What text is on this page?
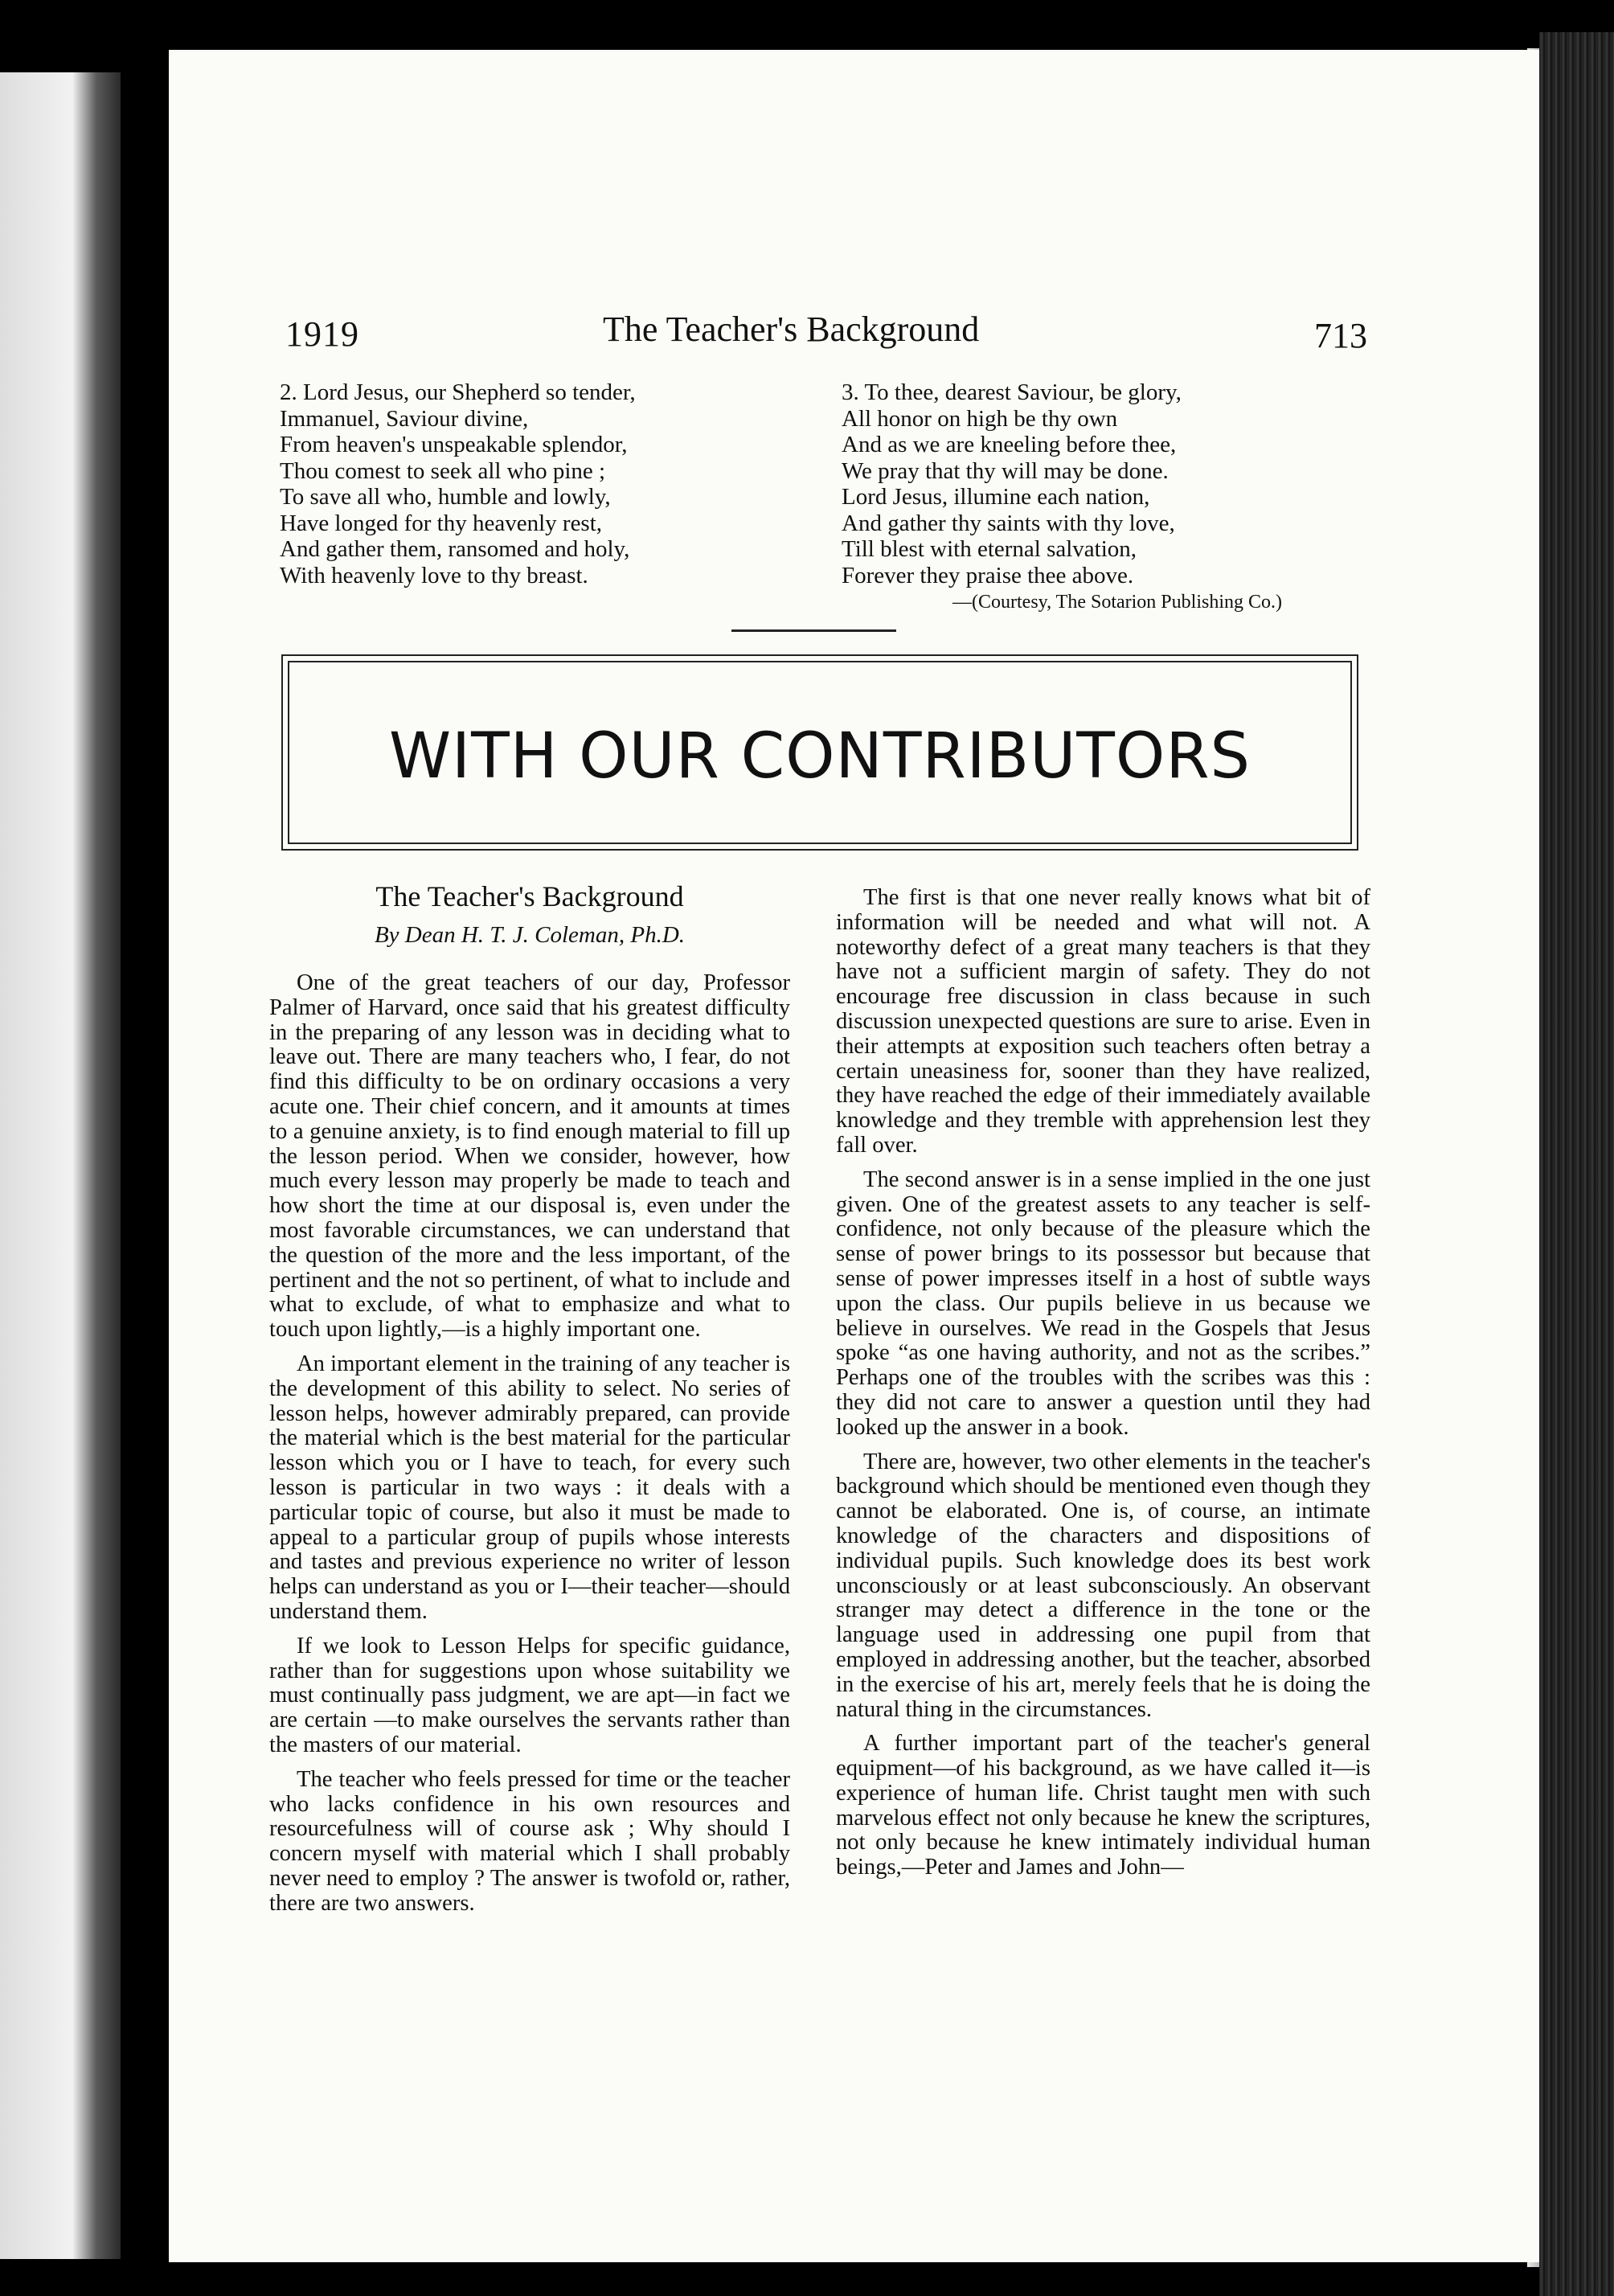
1919	The Teacher's Background	713
2. Lord Jesus, our Shepherd so tender,
Immanuel, Saviour divine,
From heaven's unspeakable splendor,
Thou comest to seek all who pine ;
To save all who, humble and lowly,
Have longed for thy heavenly rest,
And gather them, ransomed and holy,
With heavenly love to thy breast.
3. To thee, dearest Saviour, be glory,
All honor on high be thy own
And as we are kneeling before thee,
We pray that thy will may be done.
Lord Jesus, illumine each nation,
And gather thy saints with thy love,
Till blest with eternal salvation,
Forever they praise thee above.
—(Courtesy, The Sotarion Publishing Co.)
WITH OUR CONTRIBUTORS
The Teacher's Background
By Dean H. T. J. Coleman, Ph.D.

One of the great teachers of our day, Professor Palmer of Harvard, once said that his greatest difficulty in the preparing of any lesson was in deciding what to leave out. There are many teachers who, I fear, do not find this difficulty to be on ordinary occasions a very acute one. Their chief concern, and it amounts at times to a genuine anxiety, is to find enough material to fill up the lesson period. When we consider, however, how much every lesson may properly be made to teach and how short the time at our disposal is, even under the most favorable circumstances, we can understand that the question of the more and the less important, of the pertinent and the not so pertinent, of what to include and what to exclude, of what to emphasize and what to touch upon lightly,—is a highly important one.

An important element in the training of any teacher is the development of this ability to select. No series of lesson helps, however admirably prepared, can provide the material which is the best material for the particular lesson which you or I have to teach, for every such lesson is particular in two ways : it deals with a particular topic of course, but also it must be made to appeal to a particular group of pupils whose interests and tastes and previous experience no writer of lesson helps can understand as you or I—their teacher—should understand them.

If we look to Lesson Helps for specific guidance, rather than for suggestions upon whose suitability we must continually pass judgment, we are apt—in fact we are certain —to make ourselves the servants rather than the masters of our material.

The teacher who feels pressed for time or the teacher who lacks confidence in his own resources and resourcefulness will of course ask ; Why should I concern myself with material which I shall probably never need to employ ? The answer is twofold or, rather, there are two answers.

The first is that one never really knows what bit of information will be needed and what will not. A noteworthy defect of a great many teachers is that they have not a sufficient margin of safety. They do not encourage free discussion in class because in such discussion unexpected questions are sure to arise. Even in their attempts at exposition such teachers often betray a certain uneasiness for, sooner than they have realized, they have reached the edge of their immediately available knowledge and they tremble with apprehension lest they fall over.

The second answer is in a sense implied in the one just given. One of the greatest assets to any teacher is self-confidence, not only because of the pleasure which the sense of power brings to its possessor but because that sense of power impresses itself in a host of subtle ways upon the class. Our pupils believe in us because we believe in ourselves. We read in the Gospels that Jesus spoke “as one having authority, and not as the scribes.” Perhaps one of the troubles with the scribes was this : they did not care to answer a question until they had looked up the answer in a book.

There are, however, two other elements in the teacher's background which should be mentioned even though they cannot be elaborated. One is, of course, an intimate knowledge of the characters and dispositions of individual pupils. Such knowledge does its best work unconsciously or at least subconsciously. An observant stranger may detect a difference in the tone or the language used in addressing one pupil from that employed in addressing another, but the teacher, absorbed in the exercise of his art, merely feels that he is doing the natural thing in the circumstances.

A further important part of the teacher's general equipment—of his background, as we have called it—is experience of human life. Christ taught men with such marvelous effect not only because he knew the scriptures, not only because he knew intimately individual human beings,—Peter and James and John—
